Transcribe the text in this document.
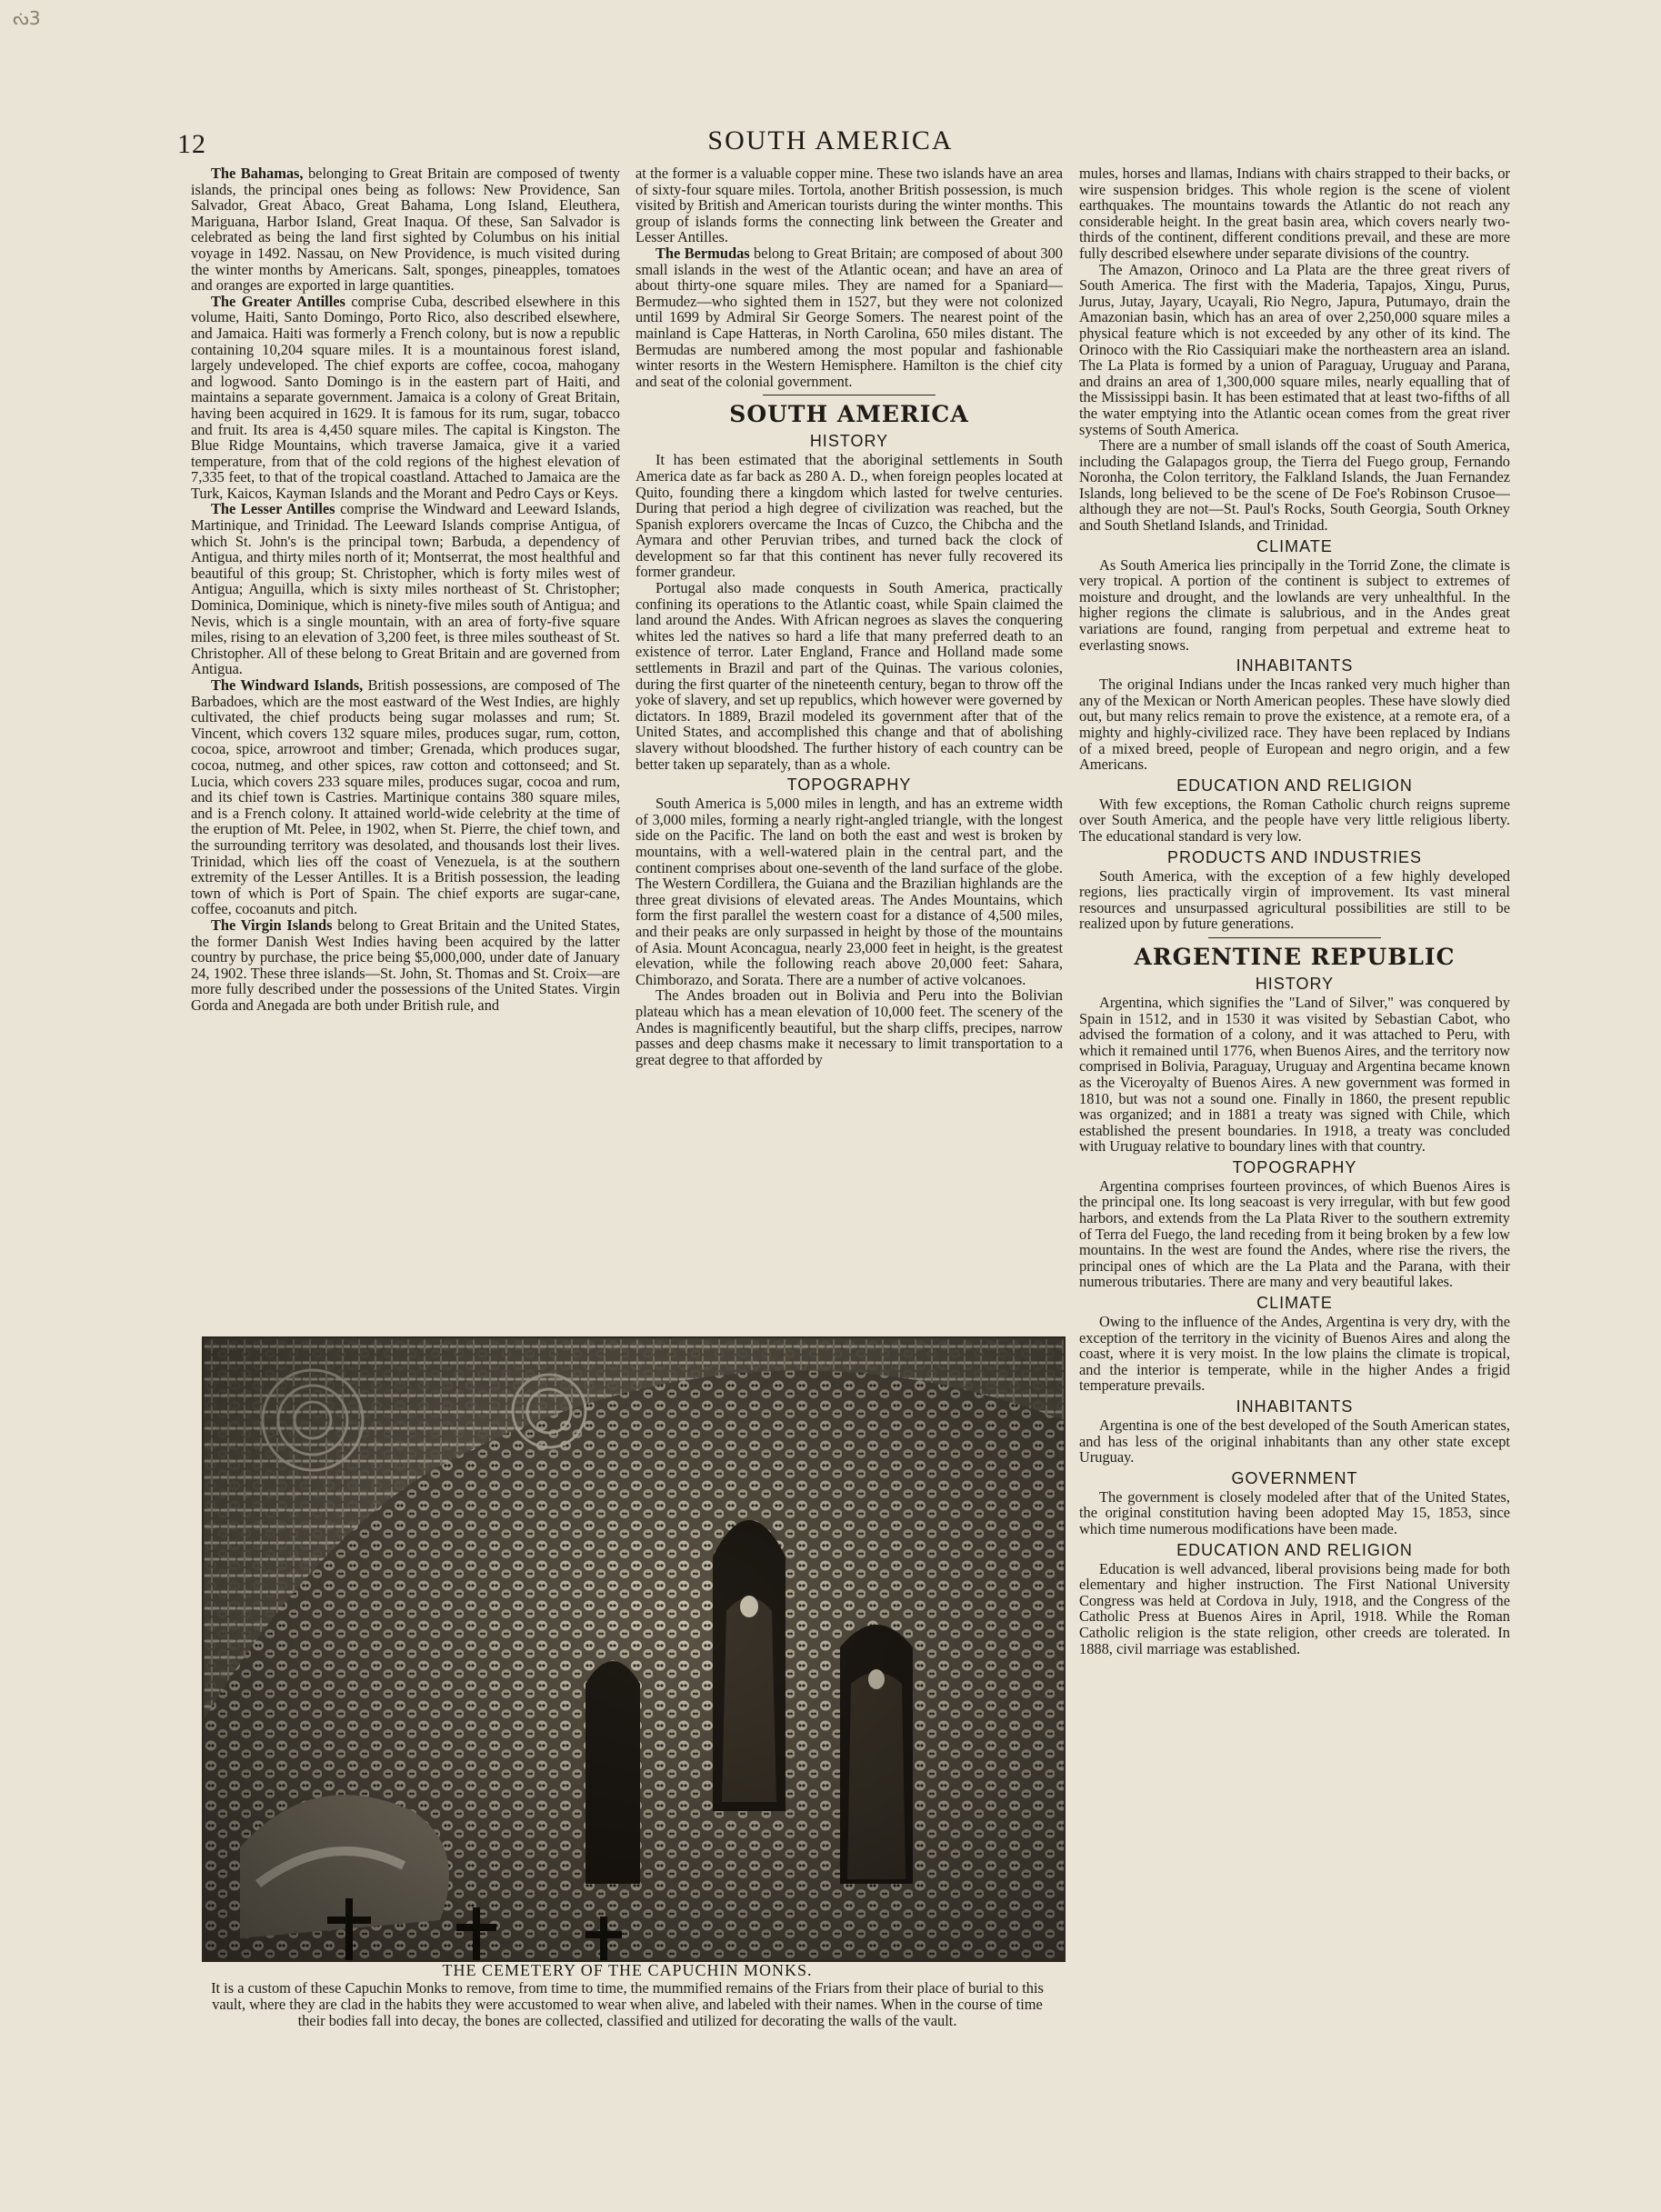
ᔔ3
12	SOUTH AMERICA

The Bahamas, belonging to Great Britain are composed of twenty islands, the principal ones being as follows: New Providence, San Salvador, Great Abaco, Great Bahama, Long Island, Eleuthera, Mariguana, Harbor Island, Great Inaqua. Of these, San Salvador is celebrated as being the land first sighted by Columbus on his initial voyage in 1492. Nassau, on New Providence, is much visited during the winter months by Americans. Salt, sponges, pineapples, tomatoes and oranges are exported in large quantities.

The Greater Antilles comprise Cuba, described elsewhere in this volume, Haiti, Santo Domingo, Porto Rico, also described elsewhere, and Jamaica. Haiti was formerly a French colony, but is now a republic containing 10,204 square miles. It is a mountainous forest island, largely undeveloped. The chief exports are coffee, cocoa, mahogany and logwood. Santo Domingo is in the eastern part of Haiti, and maintains a separate government. Jamaica is a colony of Great Britain, having been acquired in 1629. It is famous for its rum, sugar, tobacco and fruit. Its area is 4,450 square miles. The capital is Kingston. The Blue Ridge Mountains, which traverse Jamaica, give it a varied temperature, from that of the cold regions of the highest elevation of 7,335 feet, to that of the tropical coastland. Attached to Jamaica are the Turk, Kaicos, Kayman Islands and the Morant and Pedro Cays or Keys.

The Lesser Antilles comprise the Windward and Leeward Islands, Martinique, and Trinidad. The Leeward Islands comprise Antigua, of which St. John's is the principal town; Barbuda, a dependency of Antigua, and thirty miles north of it; Montserrat, the most healthful and beautiful of this group; St. Christopher, which is forty miles west of Antigua; Anguilla, which is sixty miles northeast of St. Christopher; Dominica, Dominique, which is ninety-five miles south of Antigua; and Nevis, which is a single mountain, with an area of forty-five square miles, rising to an elevation of 3,200 feet, is three miles southeast of St. Christopher. All of these belong to Great Britain and are governed from Antigua.

The Windward Islands, British possessions, are composed of The Barbadoes, which are the most eastward of the West Indies, are highly cultivated, the chief products being sugar molasses and rum; St. Vincent, which covers 132 square miles, produces sugar, rum, cotton, cocoa, spice, arrowroot and timber; Grenada, which produces sugar, cocoa, nutmeg, and other spices, raw cotton and cottonseed; and St. Lucia, which covers 233 square miles, produces sugar, cocoa and rum, and its chief town is Castries. Martinique contains 380 square miles, and is a French colony. It attained world-wide celebrity at the time of the eruption of Mt. Pelee, in 1902, when St. Pierre, the chief town, and the surrounding territory was desolated, and thousands lost their lives. Trinidad, which lies off the coast of Venezuela, is at the southern extremity of the Lesser Antilles. It is a British possession, the leading town of which is Port of Spain. The chief exports are sugar-cane, coffee, cocoanuts and pitch.

The Virgin Islands belong to Great Britain and the United States, the former Danish West Indies having been acquired by the latter country by purchase, the price being $5,000,000, under date of January 24, 1902. These three islands—St. John, St. Thomas and St. Croix—are more fully described under the possessions of the United States. Virgin Gorda and Anegada are both under British rule, and

at the former is a valuable copper mine. These two islands have an area of sixty-four square miles. Tortola, another British possession, is much visited by British and American tourists during the winter months. This group of islands forms the connecting link between the Greater and Lesser Antilles.

The Bermudas belong to Great Britain; are composed of about 300 small islands in the west of the Atlantic ocean; and have an area of about thirty-one square miles. They are named for a Spaniard—Bermudez—who sighted them in 1527, but they were not colonized until 1699 by Admiral Sir George Somers. The nearest point of the mainland is Cape Hatteras, in North Carolina, 650 miles distant. The Bermudas are numbered among the most popular and fashionable winter resorts in the Western Hemisphere. Hamilton is the chief city and seat of the colonial government.

SOUTH AMERICA
HISTORY

It has been estimated that the aboriginal settlements in South America date as far back as 280 A. D., when foreign peoples located at Quito, founding there a kingdom which lasted for twelve centuries. During that period a high degree of civilization was reached, but the Spanish explorers overcame the Incas of Cuzco, the Chibcha and the Aymara and other Peruvian tribes, and turned back the clock of development so far that this continent has never fully recovered its former grandeur.

Portugal also made conquests in South America, practically confining its operations to the Atlantic coast, while Spain claimed the land around the Andes. With African negroes as slaves the conquering whites led the natives so hard a life that many preferred death to an existence of terror. Later England, France and Holland made some settlements in Brazil and part of the Quinas. The various colonies, during the first quarter of the nineteenth century, began to throw off the yoke of slavery, and set up republics, which however were governed by dictators. In 1889, Brazil modeled its government after that of the United States, and accomplished this change and that of abolishing slavery without bloodshed. The further history of each country can be better taken up separately, than as a whole.

TOPOGRAPHY

South America is 5,000 miles in length, and has an extreme width of 3,000 miles, forming a nearly right-angled triangle, with the longest side on the Pacific. The land on both the east and west is broken by mountains, with a well-watered plain in the central part, and the continent comprises about one-seventh of the land surface of the globe. The Western Cordillera, the Guiana and the Brazilian highlands are the three great divisions of elevated areas. The Andes Mountains, which form the first parallel the western coast for a distance of 4,500 miles, and their peaks are only surpassed in height by those of the mountains of Asia. Mount Aconcagua, nearly 23,000 feet in height, is the greatest elevation, while the following reach above 20,000 feet: Sahara, Chimborazo, and Sorata. There are a number of active volcanoes.

The Andes broaden out in Bolivia and Peru into the Bolivian plateau which has a mean elevation of 10,000 feet. The scenery of the Andes is magnificently beautiful, but the sharp cliffs, precipes, narrow passes and deep chasms make it necessary to limit transportation to a great degree to that afforded by

mules, horses and llamas, Indians with chairs strapped to their backs, or wire suspension bridges. This whole region is the scene of violent earthquakes. The mountains towards the Atlantic do not reach any considerable height. In the great basin area, which covers nearly two-thirds of the continent, different conditions prevail, and these are more fully described elsewhere under separate divisions of the country.

The Amazon, Orinoco and La Plata are the three great rivers of South America. The first with the Maderia, Tapajos, Xingu, Purus, Jurus, Jutay, Jayary, Ucayali, Rio Negro, Japura, Putumayo, drain the Amazonian basin, which has an area of over 2,250,000 square miles a physical feature which is not exceeded by any other of its kind. The Orinoco with the Rio Cassiquiari make the northeastern area an island. The La Plata is formed by a union of Paraguay, Uruguay and Parana, and drains an area of 1,300,000 square miles, nearly equalling that of the Mississippi basin. It has been estimated that at least two-fifths of all the water emptying into the Atlantic ocean comes from the great river systems of South America.

There are a number of small islands off the coast of South America, including the Galapagos group, the Tierra del Fuego group, Fernando Noronha, the Colon territory, the Falkland Islands, the Juan Fernandez Islands, long believed to be the scene of De Foe's Robinson Crusoe—although they are not—St. Paul's Rocks, South Georgia, South Orkney and South Shetland Islands, and Trinidad.

CLIMATE

As South America lies principally in the Torrid Zone, the climate is very tropical. A portion of the continent is subject to extremes of moisture and drought, and the lowlands are very unhealthful. In the higher regions the climate is salubrious, and in the Andes great variations are found, ranging from perpetual and extreme heat to everlasting snows.

INHABITANTS

The original Indians under the Incas ranked very much higher than any of the Mexican or North American peoples. These have slowly died out, but many relics remain to prove the existence, at a remote era, of a mighty and highly-civilized race. They have been replaced by Indians of a mixed breed, people of European and negro origin, and a few Americans.

EDUCATION AND RELIGION

With few exceptions, the Roman Catholic church reigns supreme over South America, and the people have very little religious liberty. The educational standard is very low.

PRODUCTS AND INDUSTRIES

South America, with the exception of a few highly developed regions, lies practically virgin of improvement. Its vast mineral resources and unsurpassed agricultural possibilities are still to be realized upon by future generations.

ARGENTINE REPUBLIC
HISTORY

Argentina, which signifies the "Land of Silver," was conquered by Spain in 1512, and in 1530 it was visited by Sebastian Cabot, who advised the formation of a colony, and it was attached to Peru, with which it remained until 1776, when Buenos Aires, and the territory now comprised in Bolivia, Paraguay, Uruguay and Argentina became known as the Viceroyalty of Buenos Aires. A new government was formed in 1810, but was not a sound one. Finally in 1860, the present republic was organized; and in 1881 a treaty was signed with Chile, which established the present boundaries. In 1918, a treaty was concluded with Uruguay relative to boundary lines with that country.

TOPOGRAPHY

Argentina comprises fourteen provinces, of which Buenos Aires is the principal one. Its long seacoast is very irregular, with but few good harbors, and extends from the La Plata River to the southern extremity of Terra del Fuego, the land receding from it being broken by a few low mountains. In the west are found the Andes, where rise the rivers, the principal ones of which are the La Plata and the Parana, with their numerous tributaries. There are many and very beautiful lakes.

CLIMATE

Owing to the influence of the Andes, Argentina is very dry, with the exception of the territory in the vicinity of Buenos Aires and along the coast, where it is very moist. In the low plains the climate is tropical, and the interior is temperate, while in the higher Andes a frigid temperature prevails.

INHABITANTS

Argentina is one of the best developed of the South American states, and has less of the original inhabitants than any other state except Uruguay.

GOVERNMENT

The government is closely modeled after that of the United States, the original constitution having been adopted May 15, 1853, since which time numerous modifications have been made.

EDUCATION AND RELIGION

Education is well advanced, liberal provisions being made for both elementary and higher instruction. The First National University Congress was held at Cordova in July, 1918, and the Congress of the Catholic Press at Buenos Aires in April, 1918. While the Roman Catholic religion is the state religion, other creeds are tolerated. In 1888, civil marriage was established.

THE CEMETERY OF THE CAPUCHIN MONKS.
It is a custom of these Capuchin Monks to remove, from time to time, the mummified remains of the Friars from their place of burial to this vault, where they are clad in the habits they were accustomed to wear when alive, and labeled with their names. When in the course of time their bodies fall into decay, the bones are collected, classified and utilized for decorating the walls of the vault.
